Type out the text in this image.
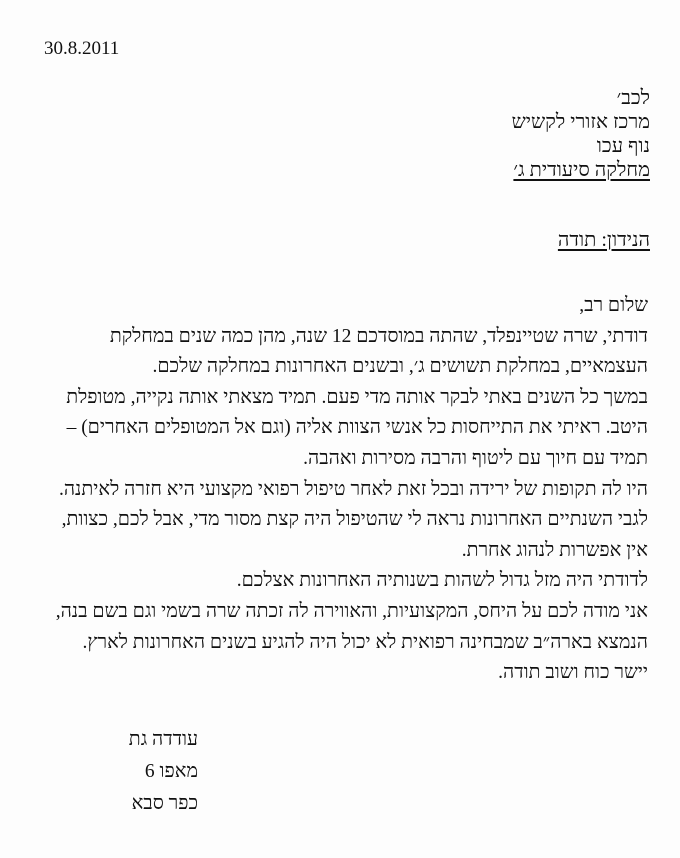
30.8.2011
לכב׳
מרכז אזורי לקשיש
נוף עכו
מחלקה סיעודית ג׳
הנידון: תודה
שלום רב,
דודתי, שרה שטיינפלד, שהתה במוסדכם 12 שנה, מהן כמה שנים במחלקת
העצמאיים, במחלקת תשושים ג׳, ובשנים האחרונות במחלקה שלכם.
במשך כל השנים באתי לבקר אותה מדי פעם. תמיד מצאתי אותה נקייה, מטופלת
היטב. ראיתי את התייחסות כל אנשי הצוות אליה (וגם אל המטופלים האחרים) –
תמיד עם חיוך עם ליטוף והרבה מסירות ואהבה.
היו לה תקופות של ירידה ובכל זאת לאחר טיפול רפואי מקצועי היא חזרה לאיתנה.
לגבי השנתיים האחרונות נראה לי שהטיפול היה קצת מסור מדי, אבל לכם, כצוות,
אין אפשרות לנהוג אחרת.
לדודתי היה מזל גדול לשהות בשנותיה האחרונות אצלכם.
אני מודה לכם על היחס, המקצועיות, והאווירה לה זכתה שרה בשמי וגם בשם בנה,
הנמצא בארה״ב שמבחינה רפואית לא יכול היה להגיע בשנים האחרונות לארץ.
יישר כוח ושוב תודה.
עודדה גת
מאפו 6
כפר סבא
